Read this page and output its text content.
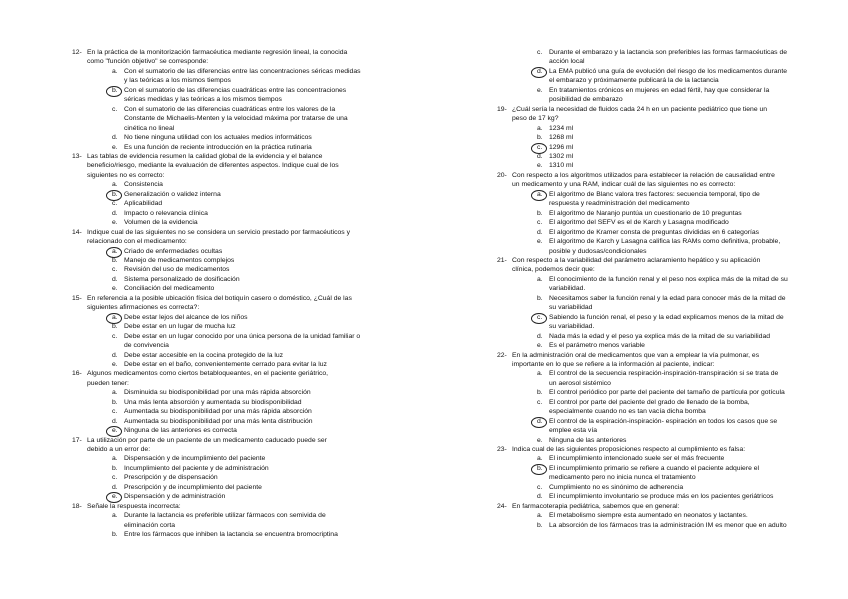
12- En la práctica de la monitorización farmacéutica mediante regresión lineal, la conocida
como "función objetivo" se corresponde:
a. Con el sumatorio de las diferencias entre las concentraciones séricas medidas
y las teóricas a los mismos tiempos
b. Con el sumatorio de las diferencias cuadráticas entre las concentraciones
séricas medidas y las teóricas a los mismos tiempos
c. Con el sumatorio de las diferencias cuadráticas entre los valores de la
Constante de Michaelis-Menten y la velocidad máxima por tratarse de una
cinética no lineal
d. No tiene ninguna utilidad con los actuales medios informáticos
e. Es una función de reciente introducción en la práctica rutinaria
13- Las tablas de evidencia resumen la calidad global de la evidencia y el balance
beneficio/riesgo, mediante la evaluación de diferentes aspectos. Indique cual de los
siguientes no es correcto:
a. Consistencia
b. Generalización o validez interna
c. Aplicabilidad
d. Impacto o relevancia clínica
e. Volumen de la evidencia
14- Indique cual de las siguientes no se considera un servicio prestado por farmacéuticos y
relacionado con el medicamento:
a. Criado de enfermedades ocultas
b. Manejo de medicamentos complejos
c. Revisión del uso de medicamentos
d. Sistema personalizado de dosificación
e. Conciliación del medicamento
15- En referencia a la posible ubicación física del botiquín casero o doméstico, ¿Cuál de las
siguientes afirmaciones es correcta?:
a. Debe estar lejos del alcance de los niños
b. Debe estar en un lugar de mucha luz
c. Debe estar en un lugar conocido por una única persona de la unidad familiar o
de convivencia
d. Debe estar accesible en la cocina protegido de la luz
e. Debe estar en el baño, convenientemente cerrado para evitar la luz
16- Algunos medicamentos como ciertos betabloqueantes, en el paciente geriátrico,
pueden tener:
a. Disminuida su biodisponibilidad por una más rápida absorción
b. Una más lenta absorción y aumentada su biodisponibilidad
c. Aumentada su biodisponibilidad por una más rápida absorción
d. Aumentada su biodisponibilidad por una más lenta distribución
e. Ninguna de las anteriores es correcta
17- La utilización por parte de un paciente de un medicamento caducado puede ser
debido a un error de:
a. Dispensación y de incumplimiento del paciente
b. Incumplimiento del paciente y de administración
c. Prescripción y de dispensación
d. Prescripción y de incumplimiento del paciente
e. Dispensación y de administración
18- Señale la respuesta incorrecta:
a. Durante la lactancia es preferible utilizar fármacos con semivida de
eliminación corta
b. Entre los fármacos que inhiben la lactancia se encuentra bromocriptina
c. Durante el embarazo y la lactancia son preferibles las formas farmacéuticas de
acción local
d. La EMA publicó una guía de evolución del riesgo de los medicamentos durante
el embarazo y próximamente publicará la de la lactancia
e. En tratamientos crónicos en mujeres en edad fértil, hay que considerar la
posibilidad de embarazo
19- ¿Cuál sería la necesidad de fluidos cada 24 h en un paciente pediátrico que tiene un
peso de 17 kg?
a. 1234 ml
b. 1268 ml
c. 1296 ml
d. 1302 ml
e. 1310 ml
20- Con respecto a los algoritmos utilizados para establecer la relación de causalidad entre
un medicamento y una RAM, indicar cuál de las siguientes no es correcto:
a. El algoritmo de Blanc valora tres factores: secuencia temporal, tipo de
respuesta y readministración del medicamento
b. El algoritmo de Naranjo puntúa un cuestionario de 10 preguntas
c. El algoritmo del SEFV es el de Karch y Lasagna modificado
d. El algoritmo de Kramer consta de preguntas divididas en 6 categorías
e. El algoritmo de Karch y Lasagna califica las RAMs como definitiva, probable,
posible y dudosas/condicionales
21- Con respecto a la variabilidad del parámetro aclaramiento hepático y su aplicación
clínica, podemos decir que:
a. El conocimiento de la función renal y el peso nos explica más de la mitad de su
variabilidad.
b. Necesitamos saber la función renal y la edad para conocer más de la mitad de
su variabilidad
c. Sabiendo la función renal, el peso y la edad explicamos menos de la mitad de
su variabilidad.
d. Nada más la edad y el peso ya explica más de la mitad de su variabilidad
e. Es el parámetro menos variable
22- En la administración oral de medicamentos que van a emplear la vía pulmonar, es
importante en lo que se refiere a la información al paciente, indicar:
a. El control de la secuencia respiración-inspiración-transpiración si se trata de
un aerosol sistémico
b. El control periódico por parte del paciente del tamaño de partícula por gotícula
c. El control por parte del paciente del grado de llenado de la bomba,
especialmente cuando no es tan vacía dicha bomba
d. El control de la espiración-inspiración- espiración en todos los casos que se
emplee esta vía
e. Ninguna de las anteriores
23- Indica cual de las siguientes proposiciones respecto al cumplimiento es falsa:
a. El incumplimiento intencionado suele ser el más frecuente
b. El incumplimiento primario se refiere a cuando el paciente adquiere el
medicamento pero no inicia nunca el tratamiento
c. Cumplimiento no es sinónimo de adherencia
d. El incumplimiento involuntario se produce más en los pacientes geriátricos
24- En farmacoterapia pediátrica, sabemos que en general:
a. El metabolismo siempre esta aumentado en neonatos y lactantes.
b. La absorción de los fármacos tras la administración IM es menor que en adulto
